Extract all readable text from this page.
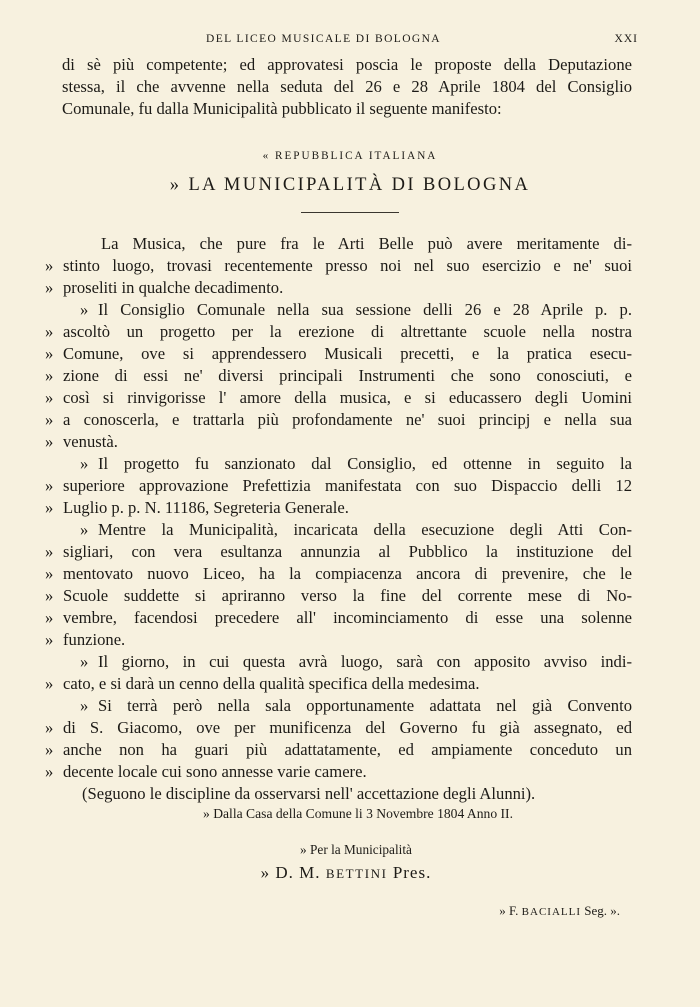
DEL LICEO MUSICALE DI BOLOGNA	XXI
di sè più competente; ed approvatesi poscia le proposte della Deputazione
stessa, il che avvenne nella seduta del 26 e 28 Aprile 1804 del Consiglio
Comunale, fu dalla Municipalità pubblicato il seguente manifesto:
« REPUBBLICA ITALIANA
» LA MUNICIPALITÀ DI BOLOGNA
La Musica, che pure fra le Arti Belle può avere meritamente di-
» stinto luogo, trovasi recentemente presso noi nel suo esercizio e ne' suoi
» proseliti in qualche decadimento.
» Il Consiglio Comunale nella sua sessione delli 26 e 28 Aprile p. p.
» ascoltò un progetto per la erezione di altrettante scuole nella nostra
» Comune, ove si apprendessero Musicali precetti, e la pratica esecu-
» zione di essi ne' diversi principali Instrumenti che sono conosciuti, e
» così si rinvigorisse l' amore della musica, e si educassero degli Uomini
» a conoscerla, e trattarla più profondamente ne' suoi principj e nella sua
» venustà.
» Il progetto fu sanzionato dal Consiglio, ed ottenne in seguito la
» superiore approvazione Prefettizia manifestata con suo Dispaccio delli 12
» Luglio p. p. N. 11186, Segreteria Generale.
» Mentre la Municipalità, incaricata della esecuzione degli Atti Con-
» sigliari, con vera esultanza annunzia al Pubblico la instituzione del
» mentovato nuovo Liceo, ha la compiacenza ancora di prevenire, che le
» Scuole suddette si apriranno verso la fine del corrente mese di No-
» vembre, facendosi precedere all' incominciamento di esse una solenne
» funzione.
» Il giorno, in cui questa avrà luogo, sarà con apposito avviso indi-
» cato, e si darà un cenno della qualità specifica della medesima.
» Si terrà però nella sala opportunamente adattata nel già Convento
» di S. Giacomo, ove per munificenza del Governo fu già assegnato, ed
» anche non ha guari più adattatamente, ed ampiamente conceduto un
» decente locale cui sono annesse varie camere.
(Seguono le discipline da osservarsi nell' accettazione degli Alunni).
» Dalla Casa della Comune li 3 Novembre 1804 Anno II.
» Per la Municipalità
» D. M. BETTINI Pres.
» F. BACIALLI Seg. ».
